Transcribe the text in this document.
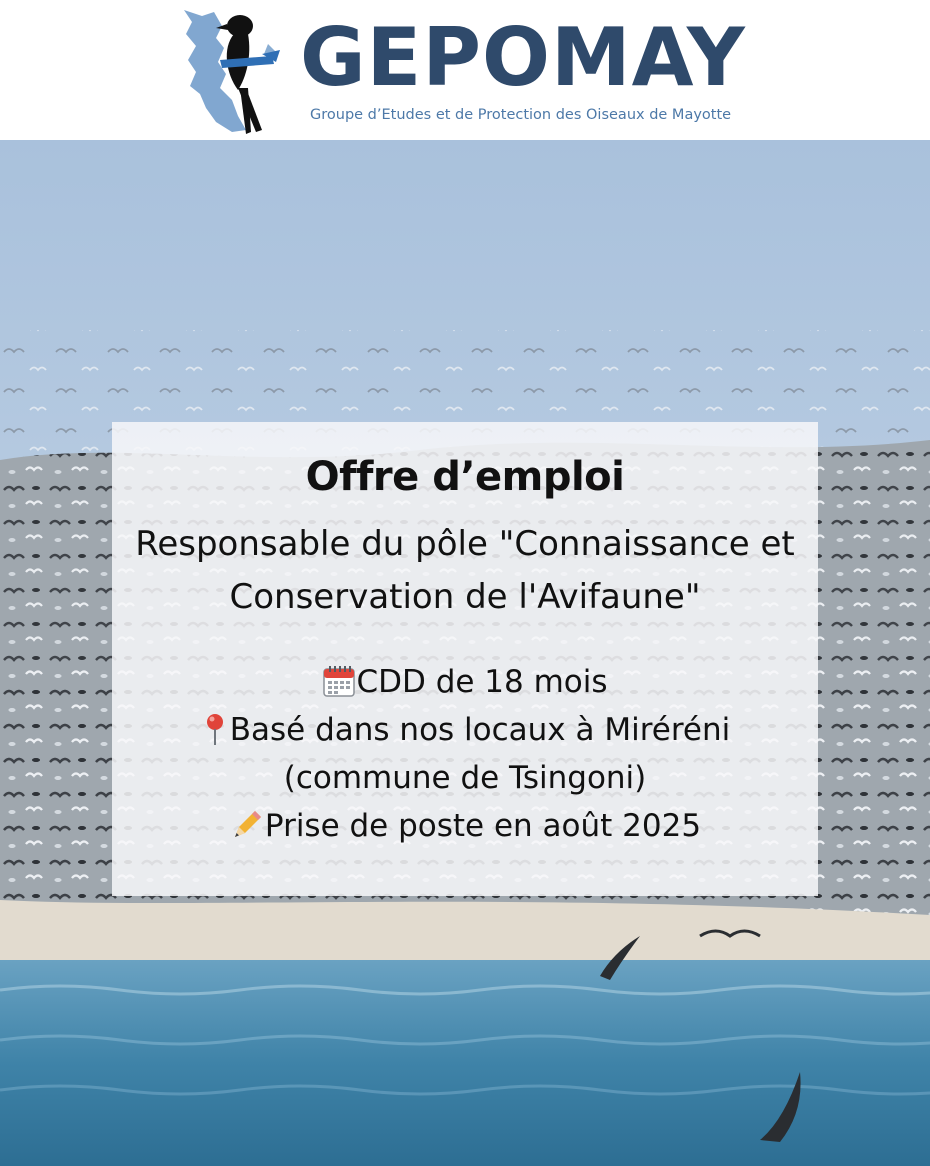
GEPOMAY
Groupe d’Etudes et de Protection des Oiseaux de Mayotte
Offre d’emploi
Responsable du pôle "Connaissance et
Conservation de l'Avifaune"
CDD de 18 mois
Basé dans nos locaux à Miréréni
(commune de Tsingoni)
Prise de poste en août 2025
